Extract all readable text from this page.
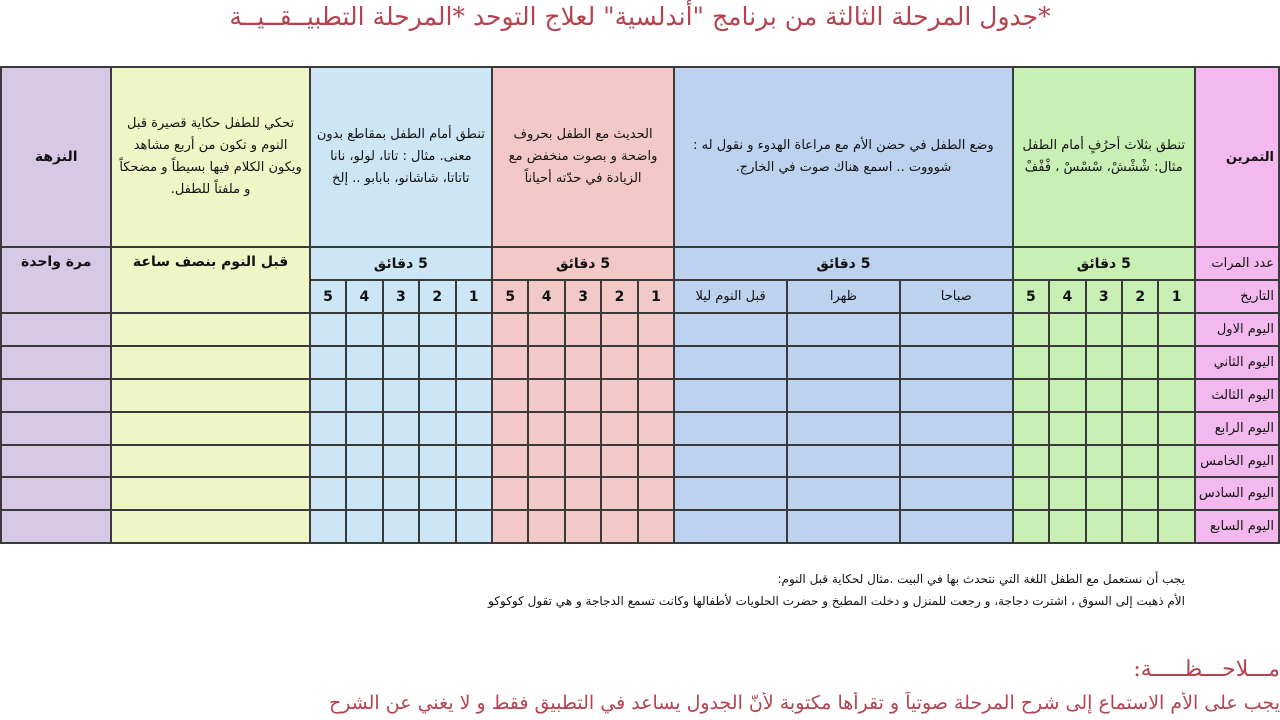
*جدول المرحلة الثالثة من برنامج "أندلسية" لعلاج التوحد *المرحلة التطبيــقــيــة
التمرين	تنطق بثلاث أحرُفٍ أمام الطفل مثال: شْشْشْ، سْسْسْ ، فْفْفْ					وضع الطفل في حضن الأم مع مراعاة الهدوء و نقول له : شوووت .. اسمع هناك صوت في الخارج.			الحديث مع الطفل بحروف واضحة و بصوت منخفض مع الزيادة في حدّته أحياناً					تنطق أمام الطفل بمقاطع بدون معنى. مثال : تاتا، لولو، نانا تاتاتا، شاشانو، بابابو .. إلخ					تحكي للطفل حكاية قصيرة قبل النوم و تكون من أربع مشاهد ويكون الكلام فيها بسيطاً و مضحكاً و ملفتاً للطفل.	النزهة
عدد المرات	5 دقائق					5 دقائق			5 دقائق					5 دقائق					قبل النوم بنصف ساعة	مرة واحدة
التاريخ	1	2	3	4	5	صباحا	ظهرا	قبل النوم ليلا	1	2	3	4	5	1	2	3	4	5		
اليوم الاول																				
اليوم الثاني																				
اليوم الثالث																				
اليوم الرابع																				
اليوم الخامس																				
اليوم السادس																				
اليوم السابع																				
يجب أن نستعمل مع الطفل اللغة التي نتحدث بها في البيت .مثال لحكاية قبل النوم:
الأم ذهبت إلى السوق ، اشترت دجاجة، و رجعت للمنزل و دخلت المطبخ و حضرت الحلويات لأطفالها وكانت تسمع الدجاجة و هي تقول كوكوكو
مـــلاحـــظـــــة:
يجب على الأم الاستماع إلى شرح المرحلة صوتياً و تقرأها مكتوبة لأنّ الجدول يساعد في التطبيق فقط و لا يغني عن الشرح
